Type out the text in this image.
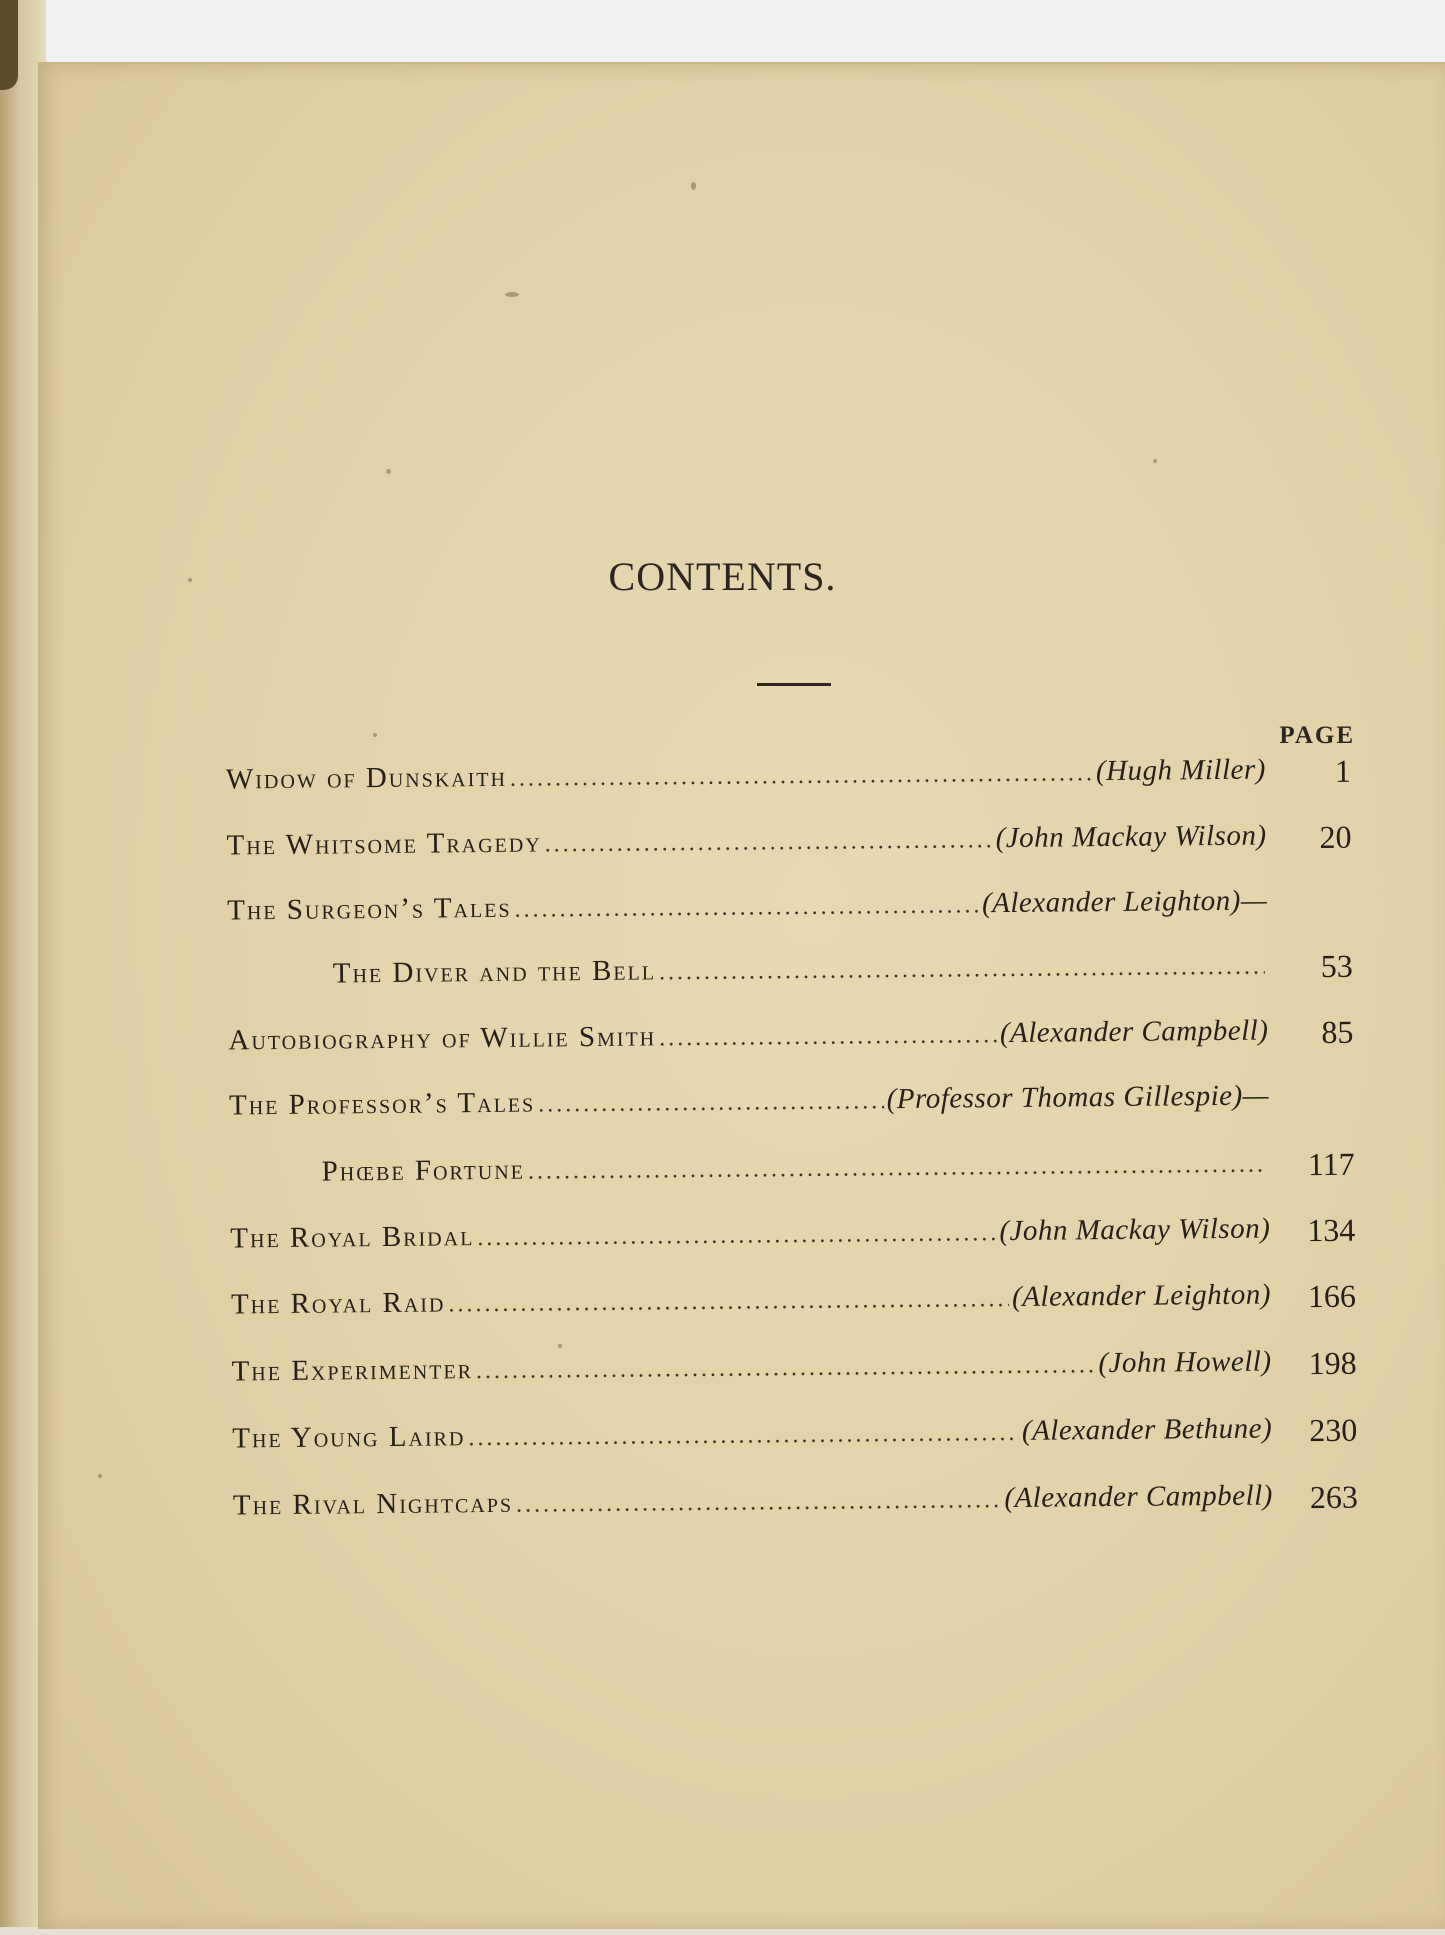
CONTENTS.
PAGE
Widow of Dunskaith .....	(Hugh Miller)	1
The Whitsome Tragedy .....	(John Mackay Wilson)	20
The Surgeon’s Tales .....	(Alexander Leighton)—
The Diver and the Bell .....	53
Autobiography of Willie Smith .....	(Alexander Campbell)	85
The Professor’s Tales .....	(Professor Thomas Gillespie)—
Phœbe Fortune .....	117
The Royal Bridal .....	(John Mackay Wilson)	134
The Royal Raid .....	(Alexander Leighton)	166
The Experimenter .....	(John Howell)	198
The Young Laird .....	(Alexander Bethune)	230
The Rival Nightcaps .....	(Alexander Campbell)	263
